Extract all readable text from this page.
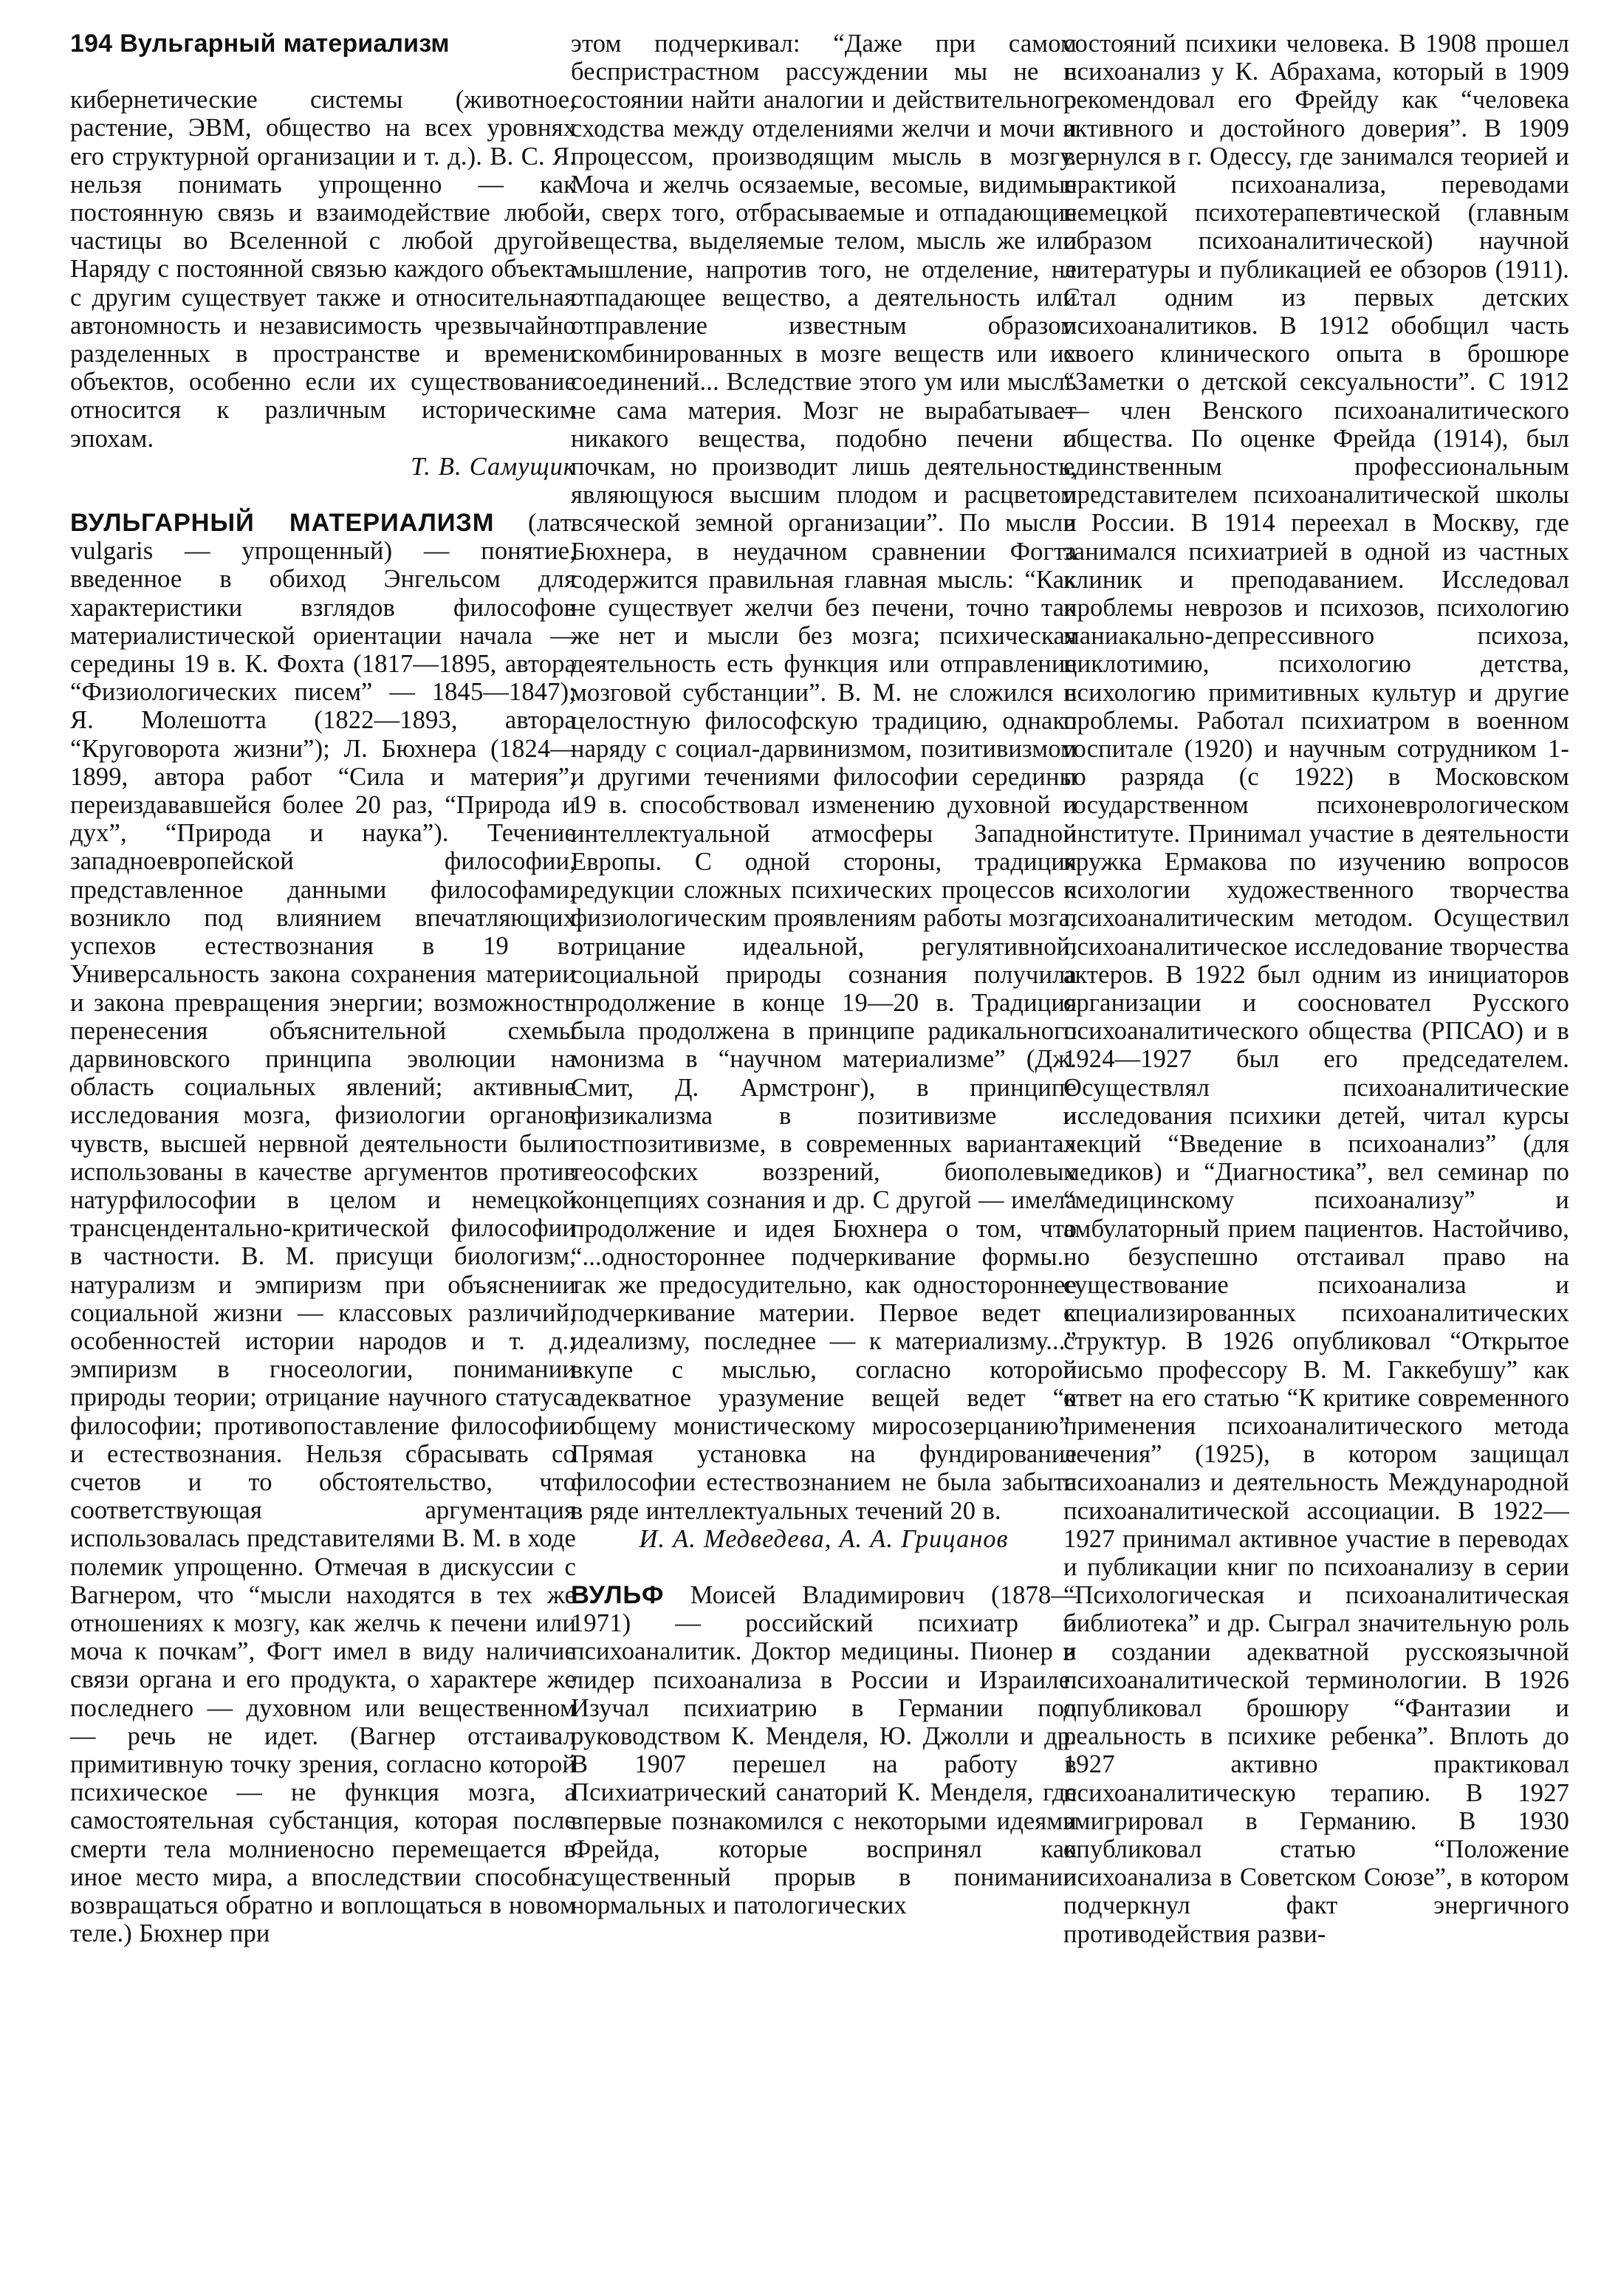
194 Вульгарный материализм

кибернетические системы (животное, растение, ЭВМ, общество на всех уровнях его структурной организации и т. д.). В. С. Я. нельзя понимать упрощенно — как постоянную связь и взаимодействие любой частицы во Вселенной с любой другой. Наряду с постоянной связью каждого объекта с другим существует также и относительная автономность и независимость чрезвычайно разделенных в пространстве и времени объектов, особенно если их существование относится к различным историческим эпохам.

Т. В. Самущик

ВУЛЬГАРНЫЙ МАТЕРИАЛИЗМ (лат. vulgaris — упрощенный) — понятие, введенное в обиход Энгельсом для характеристики взглядов философов материалистической ориентации начала — середины 19 в. К. Фохта (1817—1895, автора “Физиологических писем” — 1845—1847); Я. Молешотта (1822—1893, автора “Круговорота жизни”); Л. Бюхнера (1824—1899, автора работ “Сила и материя”, переиздававшейся более 20 раз, “Природа и дух”, “Природа и наука”). Течение западноевропейской философии, представленное данными философами, возникло под влиянием впечатляющих успехов естествознания в 19 в. Универсальность закона сохранения материи и закона превращения энергии; возможность перенесения объяснительной схемы дарвиновского принципа эволюции на область социальных явлений; активные исследования мозга, физиологии органов чувств, высшей нервной деятельности были использованы в качестве аргументов против натурфилософии в целом и немецкой трансцендентально-критической философии в частности. В. М. присущи биологизм, натурализм и эмпиризм при объяснении социальной жизни — классовых различий, особенностей истории народов и т. д.; эмпиризм в гносеологии, понимании природы теории; отрицание научного статуса философии; противопоставление философии и естествознания. Нельзя сбрасывать со счетов и то обстоятельство, что соответствующая аргументация использовалась представителями В. М. в ходе полемик упрощенно. Отмечая в дискуссии с Вагнером, что “мысли находятся в тех же отношениях к мозгу, как желчь к печени или моча к почкам”, Фогт имел в виду наличие связи органа и его продукта, о характере же последнего — духовном или вещественном — речь не идет. (Вагнер отстаивал примитивную точку зрения, согласно которой психическое — не функция мозга, а самостоятельная субстанция, которая после смерти тела молниеносно перемещается в иное место мира, а впоследствии способна возвращаться обратно и воплощаться в новом теле.) Бюхнер при

этом подчеркивал: “Даже при самом беспристрастном рассуждении мы не в состоянии найти аналогии и действительного сходства между отделениями желчи и мочи и процессом, производящим мысль в мозгу. Моча и желчь осязаемые, весомые, видимые и, сверх того, отбрасываемые и отпадающие вещества, выделяемые телом, мысль же или мышление, напротив того, не отделение, не отпадающее вещество, а деятельность или отправление известным образом скомбинированных в мозге веществ или их соединений... Вследствие этого ум или мысль не сама материя. Мозг не вырабатывает никакого вещества, подобно печени и почкам, но производит лишь деятельность, являющуюся высшим плодом и расцветом всяческой земной организации”. По мысли Бюхнера, в неудачном сравнении Фогта содержится правильная главная мысль: “Как не существует желчи без печени, точно так же нет и мысли без мозга; психическая деятельность есть функция или отправление мозговой субстанции”. В. М. не сложился в целостную философскую традицию, однако наряду с социал-дарвинизмом, позитивизмом и другими течениями философии середины 19 в. способствовал изменению духовной и интеллектуальной атмосферы Западной Европы. С одной стороны, традиция редукции сложных психических процессов к физиологическим проявлениям работы мозга, отрицание идеальной, регулятивной, социальной природы сознания получила продолжение в конце 19—20 в. Традиция была продолжена в принципе радикального монизма в “научном материализме” (Дж. Смит, Д. Армстронг), в принципе физикализма в позитивизме и постпозитивизме, в современных вариантах теософских воззрений, биополевых концепциях сознания и др. С другой — имела продолжение и идея Бюхнера о том, что “...одностороннее подчеркивание формы... так же предосудительно, как одностороннее подчеркивание материи. Первое ведет к идеализму, последнее — к материализму...” вкупе с мыслью, согласно которой адекватное уразумение вещей ведет “к общему монистическому миросозерцанию”. Прямая установка на фундирование философии естествознанием не была забыта в ряде интеллектуальных течений 20 в.

И. А. Медведева, А. А. Грицанов

ВУЛЬФ Моисей Владимирович (1878—1971) — российский психиатр и психоаналитик. Доктор медицины. Пионер и лидер психоанализа в России и Израиле. Изучал психиатрию в Германии под руководством К. Менделя, Ю. Джолли и др. В 1907 перешел на работу в Психиатрический санаторий К. Менделя, где впервые познакомился с некоторыми идеями Фрейда, которые воспринял как существенный прорыв в понимании нормальных и патологических

состояний психики человека. В 1908 прошел психоанализ у К. Абрахама, который в 1909 рекомендовал его Фрейду как “человека активного и достойного доверия”. В 1909 вернулся в г. Одессу, где занимался теорией и практикой психоанализа, переводами немецкой психотерапевтической (главным образом психоаналитической) научной литературы и публикацией ее обзоров (1911). Стал одним из первых детских психоаналитиков. В 1912 обобщил часть своего клинического опыта в брошюре “Заметки о детской сексуальности”. С 1912 — член Венского психоаналитического общества. По оценке Фрейда (1914), был единственным профессиональным представителем психоаналитической школы в России. В 1914 переехал в Москву, где занимался психиатрией в одной из частных клиник и преподаванием. Исследовал проблемы неврозов и психозов, психологию маниакально-депрессивного психоза, циклотимию, психологию детства, психологию примитивных культур и другие проблемы. Работал психиатром в военном госпитале (1920) и научным сотрудником 1-го разряда (с 1922) в Московском государственном психоневрологическом институте. Принимал участие в деятельности кружка Ермакова по изучению вопросов психологии художественного творчества психоаналитическим методом. Осуществил психоаналитическое исследование творчества актеров. В 1922 был одним из инициаторов организации и соосновател Русского психоаналитического общества (РПСАО) и в 1924—1927 был его председателем. Осуществлял психоаналитические исследования психики детей, читал курсы лекций “Введение в психоанализ” (для медиков) и “Диагностика”, вел семинар по “медицинскому психоанализу” и амбулаторный прием пациентов. Настойчиво, но безуспешно отстаивал право на существование психоанализа и специализированных психоаналитических структур. В 1926 опубликовал “Открытое письмо профессору В. М. Гаккебушу” как ответ на его статью “К критике современного применения психоаналитического метода лечения” (1925), в котором защищал психоанализ и деятельность Международной психоаналитической ассоциации. В 1922—1927 принимал активное участие в переводах и публикации книг по психоанализу в серии “Психологическая и психоаналитическая библиотека” и др. Сыграл значительную роль в создании адекватной русскоязычной психоаналитической терминологии. В 1926 опубликовал брошюру “Фантазии и реальность в психике ребенка”. Вплоть до 1927 активно практиковал психоаналитическую терапию. В 1927 эмигрировал в Германию. В 1930 опубликовал статью “Положение психоанализа в Советском Союзе”, в котором подчеркнул факт энергичного противодействия разви-
